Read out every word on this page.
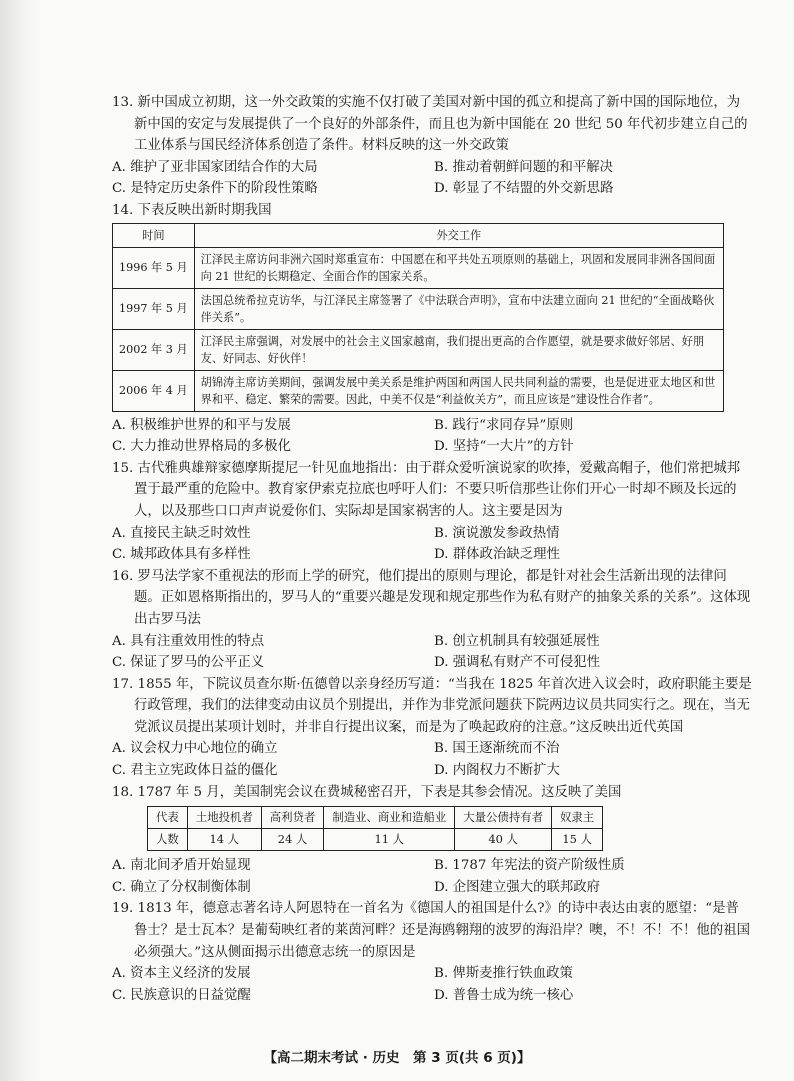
13. 新中国成立初期，这一外交政策的实施不仅打破了美国对新中国的孤立和提高了新中国的国际地位，为新中国的安定与发展提供了一个良好的外部条件，而且也为新中国能在 20 世纪 50 年代初步建立自己的工业体系与国民经济体系创造了条件。材料反映的这一外交政策
A. 维护了亚非国家团结合作的大局	B. 推动着朝鲜问题的和平解决
C. 是特定历史条件下的阶段性策略	D. 彰显了不结盟的外交新思路
14. 下表反映出新时期我国
时间	外交工作
1996 年 5 月	江泽民主席访问非洲六国时郑重宣布：中国愿在和平共处五项原则的基础上，巩固和发展同非洲各国间面向 21 世纪的长期稳定、全面合作的国家关系。
1997 年 5 月	法国总统希拉克访华，与江泽民主席签署了《中法联合声明》，宣布中法建立面向 21 世纪的“全面战略伙伴关系”。
2002 年 3 月	江泽民主席强调，对发展中的社会主义国家越南，我们提出更高的合作愿望，就是要求做好邻居、好朋友、好同志、好伙伴！
2006 年 4 月	胡锦涛主席访美期间，强调发展中美关系是维护两国和两国人民共同利益的需要，也是促进亚太地区和世界和平、稳定、繁荣的需要。因此，中美不仅是“利益攸关方”，而且应该是“建设性合作者”。
A. 积极维护世界的和平与发展	B. 践行“求同存异”原则
C. 大力推动世界格局的多极化	D. 坚持“一大片”的方针
15. 古代雅典雄辩家德摩斯提尼一针见血地指出：由于群众爱听演说家的吹捧，爱戴高帽子，他们常把城邦置于最严重的危险中。教育家伊索克拉底也呼吁人们：不要只听信那些让你们开心一时却不顾及长远的人，以及那些口口声声说爱你们、实际却是国家祸害的人。这主要是因为
A. 直接民主缺乏时效性	B. 演说激发参政热情
C. 城邦政体具有多样性	D. 群体政治缺乏理性
16. 罗马法学家不重视法的形而上学的研究，他们提出的原则与理论，都是针对社会生活新出现的法律问题。正如恩格斯指出的，罗马人的“重要兴趣是发现和规定那些作为私有财产的抽象关系的关系”。这体现出古罗马法
A. 具有注重效用性的特点	B. 创立机制具有较强延展性
C. 保证了罗马的公平正义	D. 强调私有财产不可侵犯性
17. 1855 年，下院议员查尔斯·伍德曾以亲身经历写道：“当我在 1825 年首次进入议会时，政府职能主要是行政管理，我们的法律变动由议员个别提出，并作为非党派问题获下院两边议员共同实行之。现在，当无党派议员提出某项计划时，并非自行提出议案，而是为了唤起政府的注意。”这反映出近代英国
A. 议会权力中心地位的确立	B. 国王逐渐统而不治
C. 君主立宪政体日益的僵化	D. 内阁权力不断扩大
18. 1787 年 5 月，美国制宪会议在费城秘密召开，下表是其参会情况。这反映了美国
代表	土地投机者	高利贷者	制造业、商业和造船业	大量公债持有者	奴隶主
人数	14 人	24 人	11 人	40 人	15 人
A. 南北间矛盾开始显现	B. 1787 年宪法的资产阶级性质
C. 确立了分权制衡体制	D. 企图建立强大的联邦政府
19. 1813 年，德意志著名诗人阿恩特在一首名为《德国人的祖国是什么?》的诗中表达由衷的愿望：“是普鲁士？是士瓦本？是葡萄映红者的莱茵河畔？还是海鸥翱翔的波罗的海沿岸？噢，不！不！不！他的祖国必须强大。”这从侧面揭示出德意志统一的原因是
A. 资本主义经济的发展	B. 俾斯麦推行铁血政策
C. 民族意识的日益觉醒	D. 普鲁士成为统一核心
【高二期末考试 · 历史　第 3 页(共 6 页)】
